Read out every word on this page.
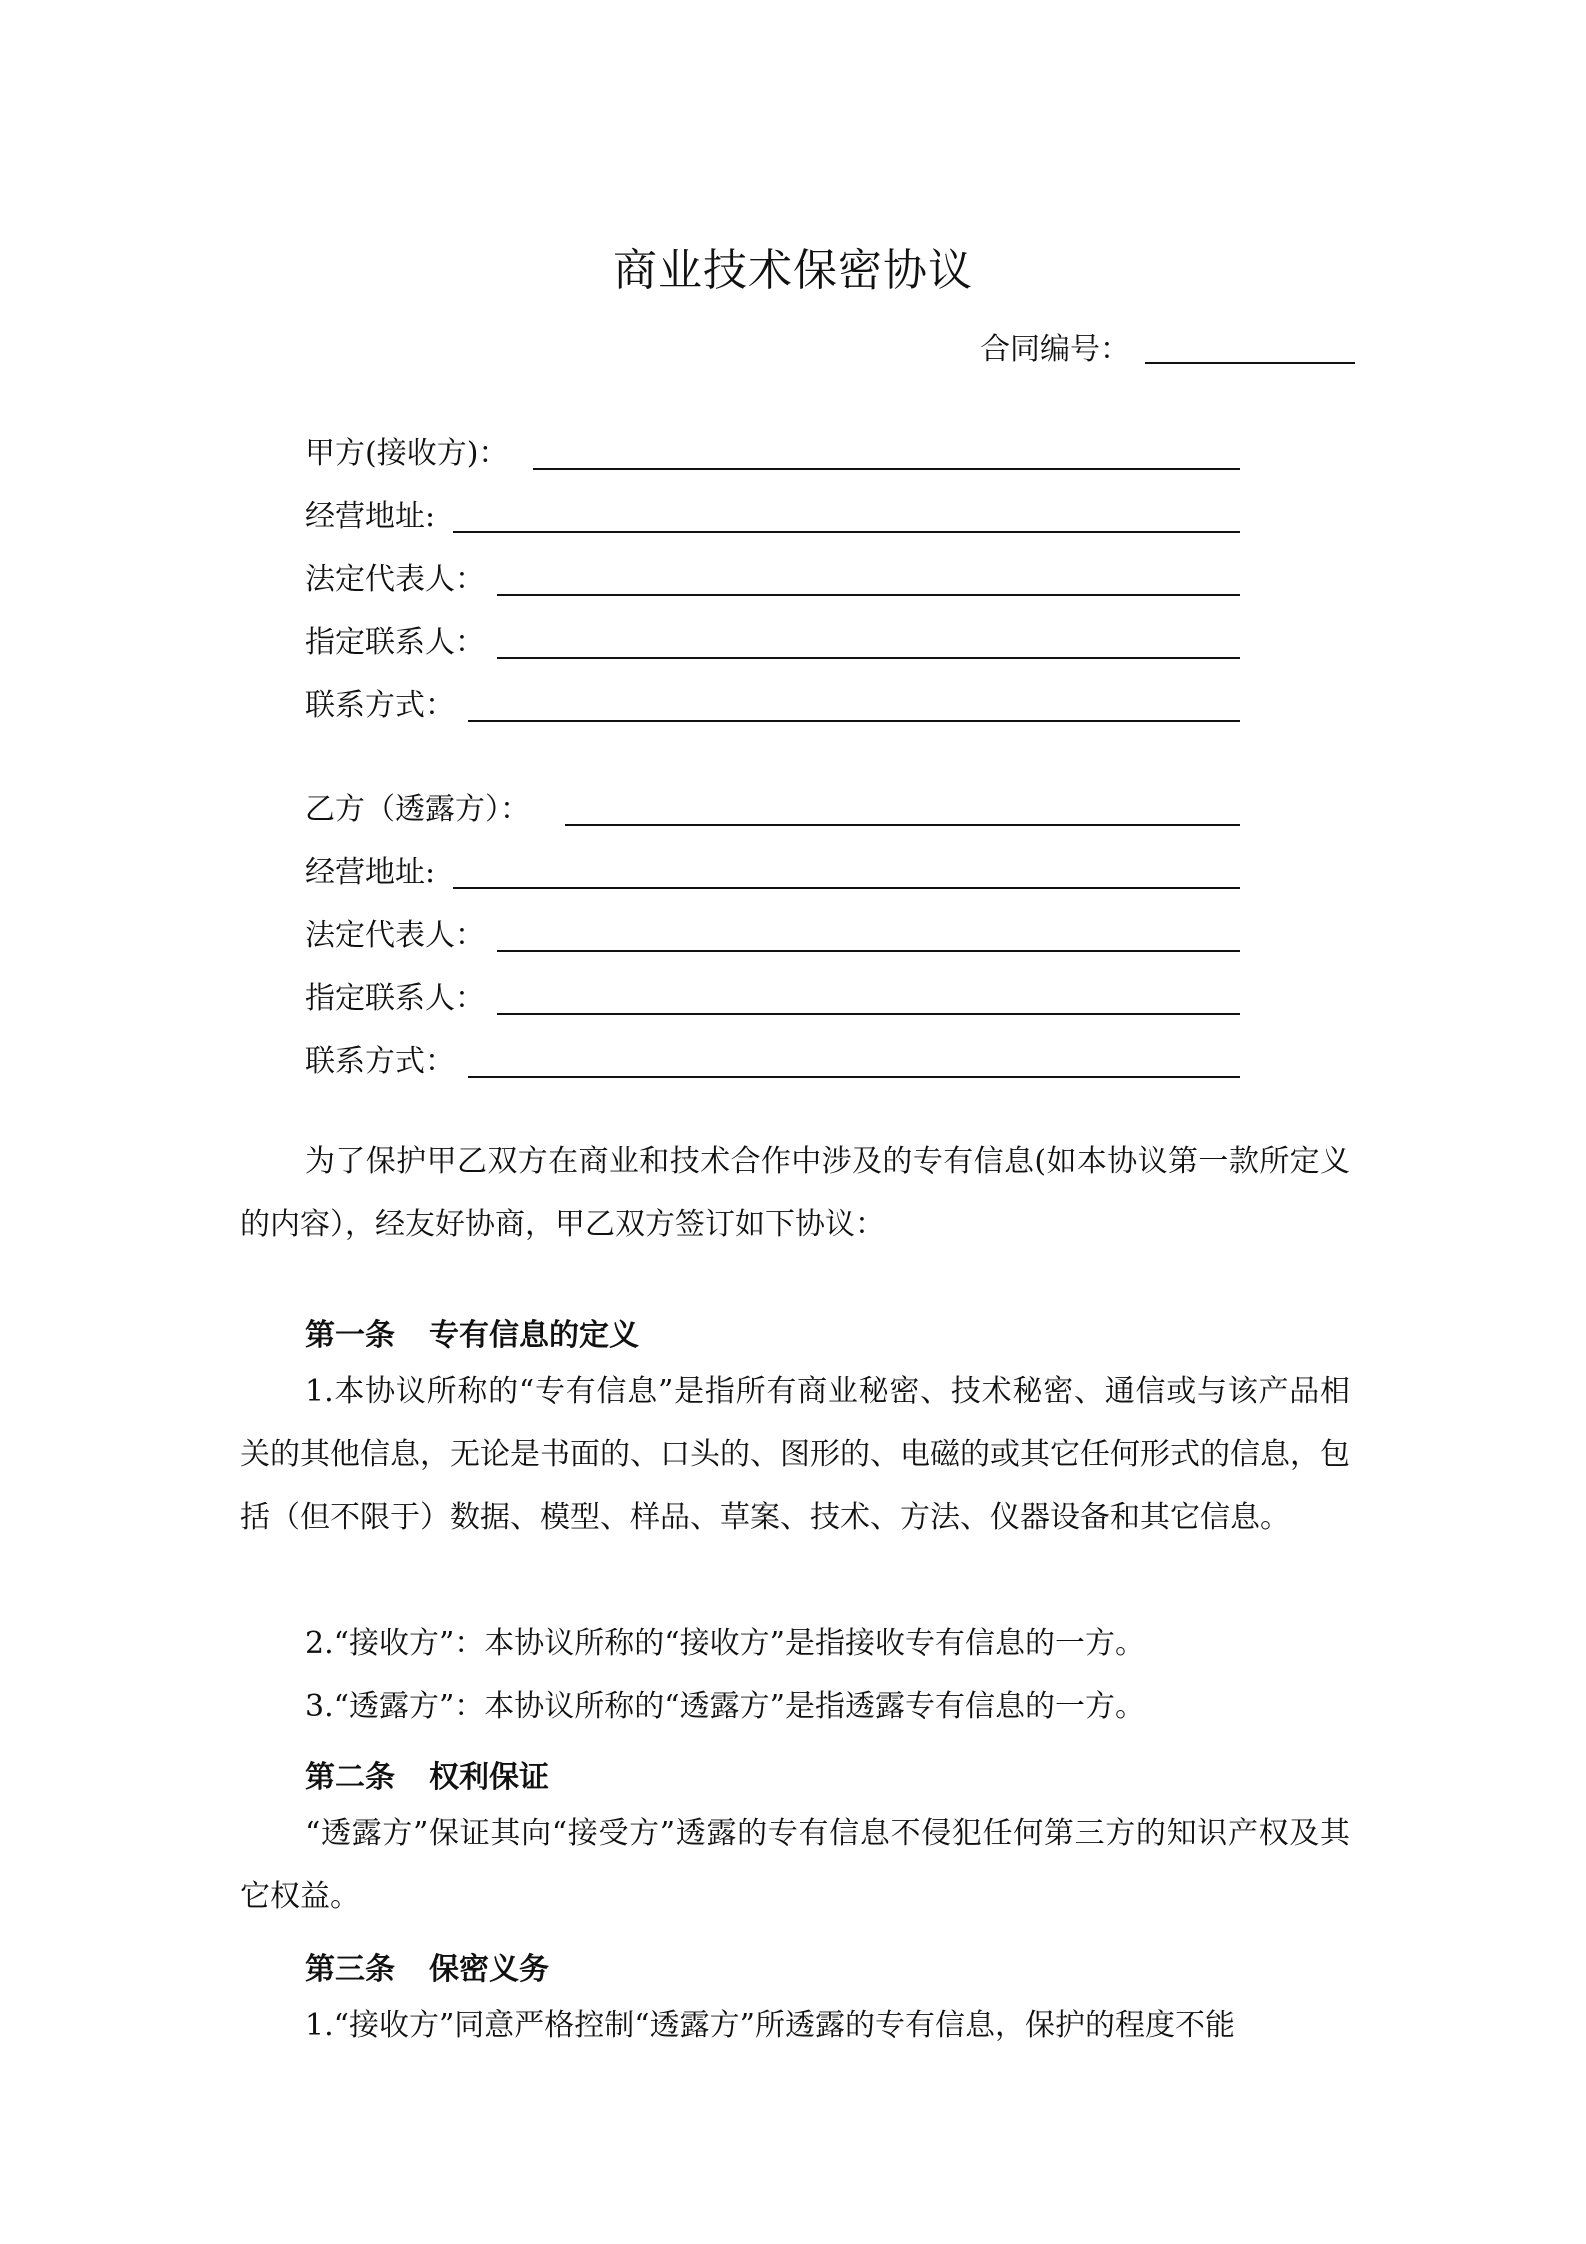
商业技术保密协议
合同编号：
甲方(接收方)：
经营地址:
法定代表人：
指定联系人：
联系方式：
乙方（透露方）：
经营地址:
法定代表人：
指定联系人：
联系方式：
为了保护甲乙双方在商业和技术合作中涉及的专有信息(如本协议第一款所定义的内容），经友好协商，甲乙双方签订如下协议：
第一条 专有信息的定义
1.本协议所称的“专有信息”是指所有商业秘密、技术秘密、通信或与该产品相关的其他信息，无论是书面的、口头的、图形的、电磁的或其它任何形式的信息，包括（但不限于）数据、模型、样品、草案、技术、方法、仪器设备和其它信息。
2.“接收方”：本协议所称的“接收方”是指接收专有信息的一方。
3.“透露方”：本协议所称的“透露方”是指透露专有信息的一方。
第二条 权利保证
“透露方”保证其向“接受方”透露的专有信息不侵犯任何第三方的知识产权及其它权益。
第三条 保密义务
1.“接收方”同意严格控制“透露方”所透露的专有信息，保护的程度不能
